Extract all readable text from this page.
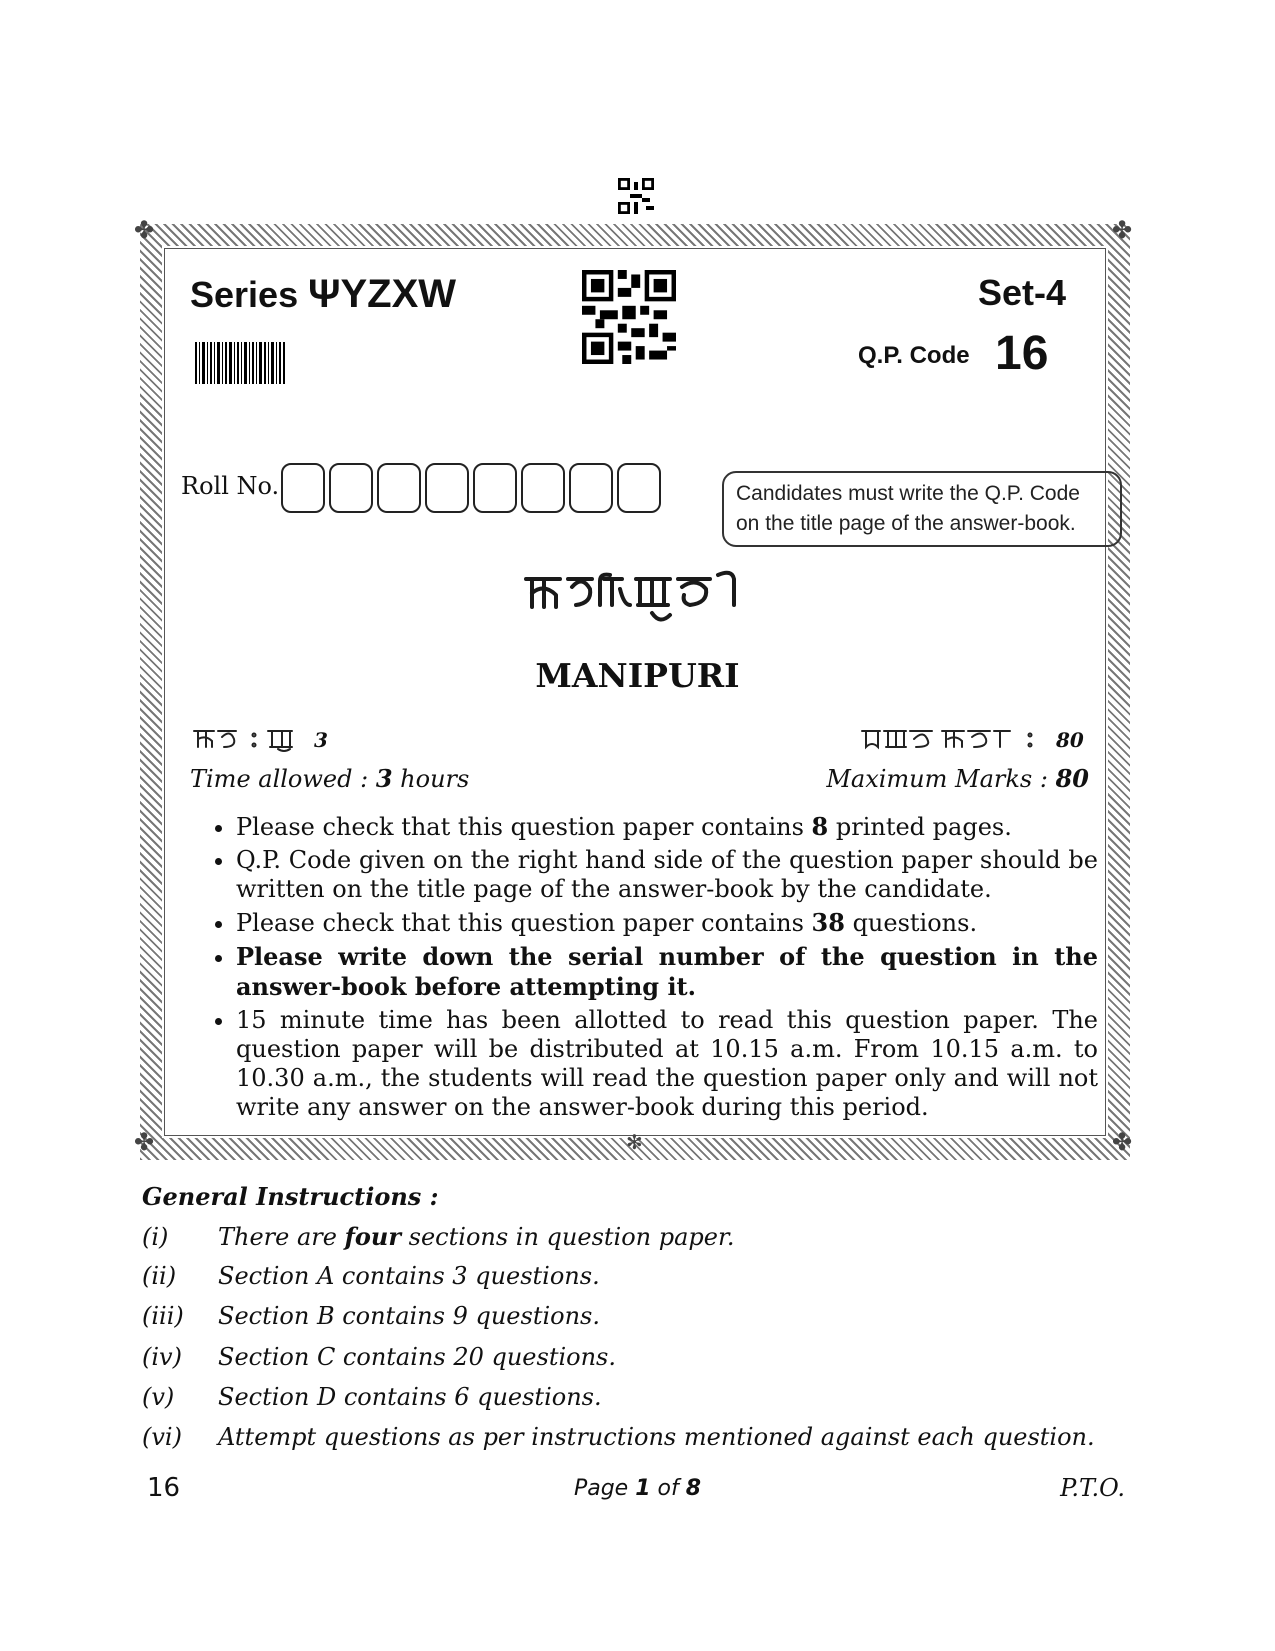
✤	✤
✤	✤
✻
Series ΨYZXW	Set-4
Q.P. Code 16
Roll No.	Candidates must write the Q.P. Code
on the title page of the answer-book.
MANIPURI
3	80
Time allowed : 3 hours	Maximum Marks : 80
• Please check that this question paper contains 8 printed pages.
• Q.P. Code given on the right hand side of the question paper should be written on the title page of the answer-book by the candidate.
• Please check that this question paper contains 38 questions.
• Please write down the serial number of the question in the answer-book before attempting it.
• 15 minute time has been allotted to read this question paper. The question paper will be distributed at 10.15 a.m. From 10.15 a.m. to 10.30 a.m., the students will read the question paper only and will not write any answer on the answer-book during this period.
General Instructions :
(i) There are four sections in question paper.
(ii) Section A contains 3 questions.
(iii) Section B contains 9 questions.
(iv) Section C contains 20 questions.
(v) Section D contains 6 questions.
(vi) Attempt questions as per instructions mentioned against each question.
16	Page 1 of 8	P.T.O.
